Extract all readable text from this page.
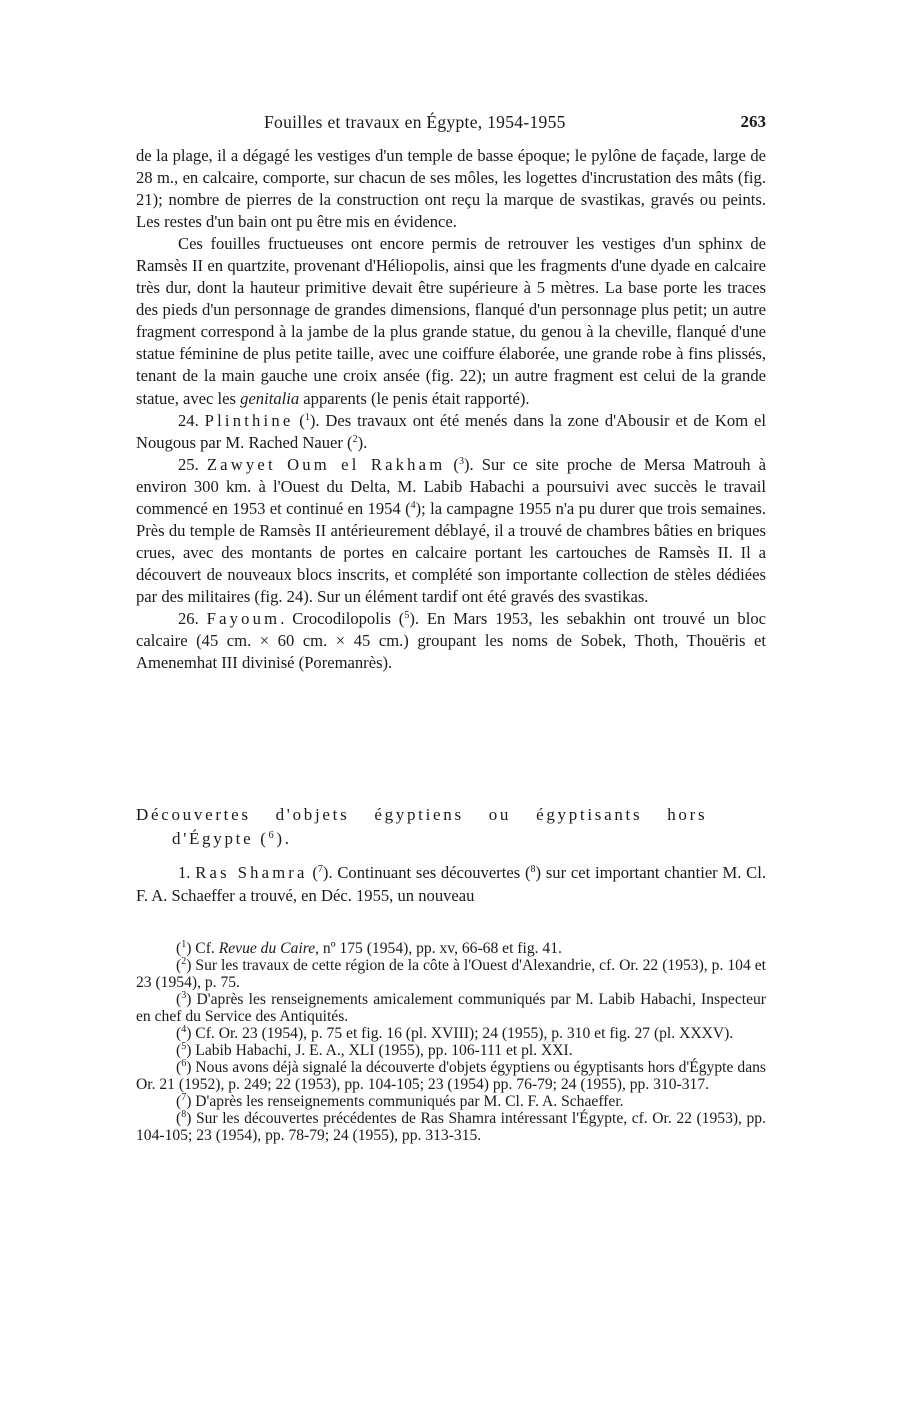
Fouilles et travaux en Égypte, 1954-1955	263

de la plage, il a dégagé les vestiges d'un temple de basse époque; le pylône de façade, large de 28 m., en calcaire, comporte, sur chacun de ses môles, les logettes d'incrustation des mâts (fig. 21); nombre de pierres de la construction ont reçu la marque de svastikas, gravés ou peints. Les restes d'un bain ont pu être mis en évidence.

Ces fouilles fructueuses ont encore permis de retrouver les vestiges d'un sphinx de Ramsès II en quartzite, provenant d'Héliopolis, ainsi que les fragments d'une dyade en calcaire très dur, dont la hauteur primitive devait être supérieure à 5 mètres. La base porte les traces des pieds d'un personnage de grandes dimensions, flanqué d'un personnage plus petit; un autre fragment correspond à la jambe de la plus grande statue, du genou à la cheville, flanqué d'une statue féminine de plus petite taille, avec une coiffure élaborée, une grande robe à fins plissés, tenant de la main gauche une croix ansée (fig. 22); un autre fragment est celui de la grande statue, avec les genitalia apparents (le penis était rapporté).

24. Plinthine ($^1$). Des travaux ont été menés dans la zone d'Abousir et de Kom el Nougous par M. Rached Nauer ($^2$).

25. Zawyet Oum el Rakham ($^3$). Sur ce site proche de Mersa Matrouh à environ 300 km. à l'Ouest du Delta, M. Labib Habachi a poursuivi avec succès le travail commencé en 1953 et continué en 1954 ($^4$); la campagne 1955 n'a pu durer que trois semaines. Près du temple de Ramsès II antérieurement déblayé, il a trouvé de chambres bâties en briques crues, avec des montants de portes en calcaire portant les cartouches de Ramsès II. Il a découvert de nouveaux blocs inscrits, et complété son importante collection de stèles dédiées par des militaires (fig. 24). Sur un élément tardif ont été gravés des svastikas.

26. Fayoum. Crocodilopolis ($^5$). En Mars 1953, les sebakhin ont trouvé un bloc calcaire (45 cm. × 60 cm. × 45 cm.) groupant les noms de Sobek, Thoth, Thouëris et Amenemhat III divinisé (Poremanrès).

Découvertes d'objets égyptiens ou égyptisants hors
d'Égypte ($^6$).

1. Ras Shamra ($^7$). Continuant ses découvertes ($^8$) sur cet important chantier M. Cl. F. A. Schaeffer a trouvé, en Déc. 1955, un nouveau

($^1$) Cf. Revue du Caire, nº 175 (1954), pp. xv, 66-68 et fig. 41.

($^2$) Sur les travaux de cette région de la côte à l'Ouest d'Alexandrie, cf. Or. 22 (1953), p. 104 et 23 (1954), p. 75.

($^3$) D'après les renseignements amicalement communiqués par M. Labib Habachi, Inspecteur en chef du Service des Antiquités.

($^4$) Cf. Or. 23 (1954), p. 75 et fig. 16 (pl. XVIII); 24 (1955), p. 310 et fig. 27 (pl. XXXV).

($^5$) Labib Habachi, J. E. A., XLI (1955), pp. 106-111 et pl. XXI.

($^6$) Nous avons déjà signalé la découverte d'objets égyptiens ou égyptisants hors d'Égypte dans Or. 21 (1952), p. 249; 22 (1953), pp. 104-105; 23 (1954) pp. 76-79; 24 (1955), pp. 310-317.

($^7$) D'après les renseignements communiqués par M. Cl. F. A. Schaeffer.

($^8$) Sur les découvertes précédentes de Ras Shamra intéressant l'Égypte, cf. Or. 22 (1953), pp. 104-105; 23 (1954), pp. 78-79; 24 (1955), pp. 313-315.
